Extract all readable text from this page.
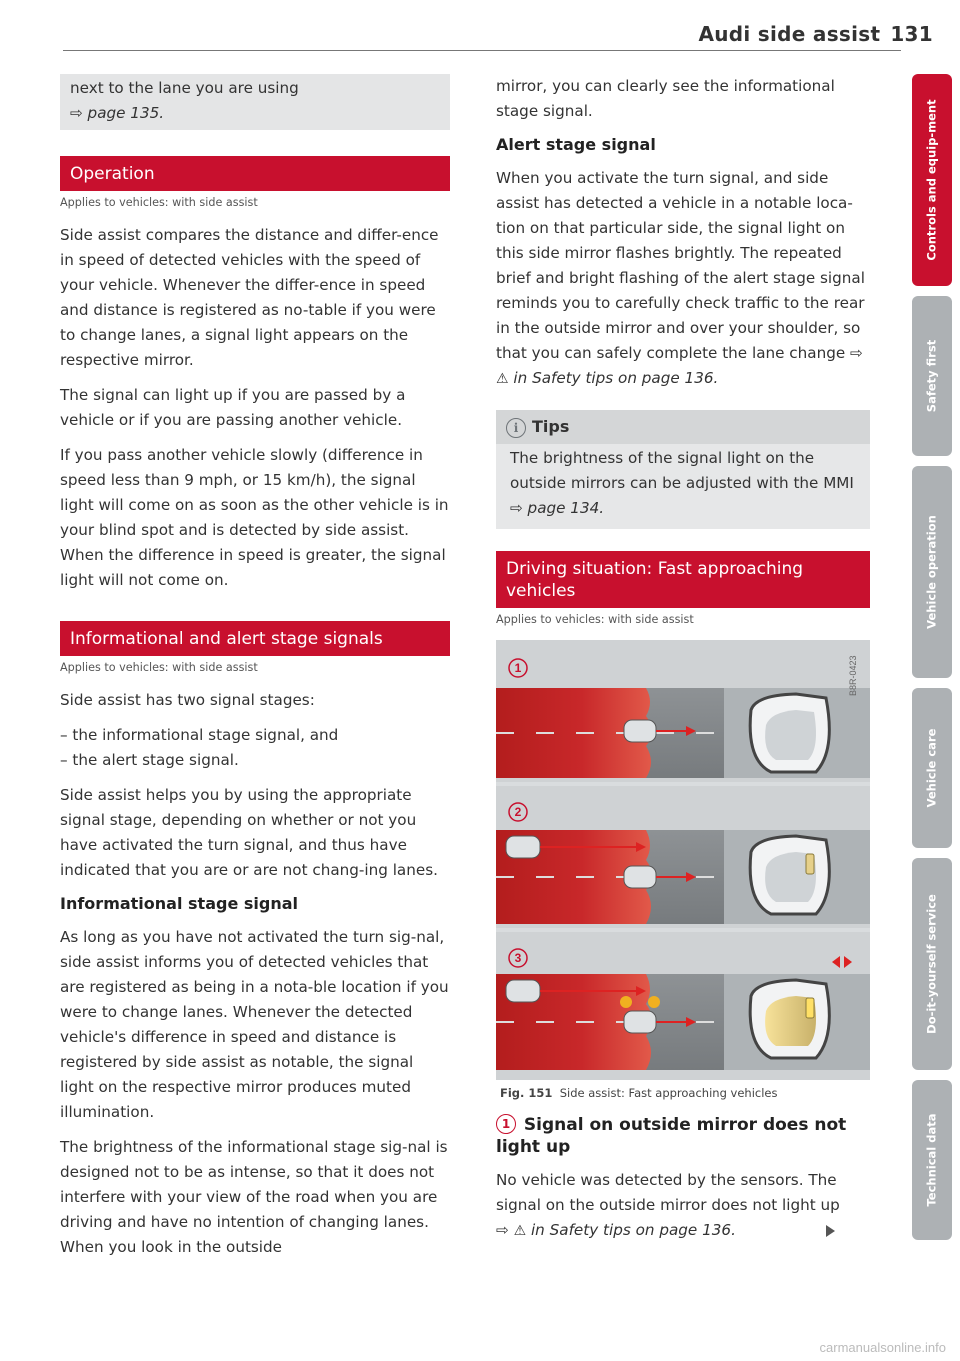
Audi side assist 131

next to the lane you are using
⇨ page 135.

Operation
Applies to vehicles: with side assist

Side assist compares the distance and differ-ence in speed of detected vehicles with the speed of your vehicle. Whenever the differ-ence in speed and distance is registered as no-table if you were to change lanes, a signal light appears on the respective mirror.

The signal can light up if you are passed by a vehicle or if you are passing another vehicle.

If you pass another vehicle slowly (difference in speed less than 9 mph, or 15 km/h), the signal light will come on as soon as the other vehicle is in your blind spot and is detected by side assist. When the difference in speed is greater, the signal light will not come on.

Informational and alert stage signals
Applies to vehicles: with side assist

Side assist has two signal stages:

– the informational stage signal, and

– the alert stage signal.

Side assist helps you by using the appropriate signal stage, depending on whether or not you have activated the turn signal, and thus have indicated that you are or are not chang-ing lanes.

Informational stage signal

As long as you have not activated the turn sig-nal, side assist informs you of detected vehicles that are registered as being in a nota-ble location if you were to change lanes. Whenever the detected vehicle's difference in speed and distance is registered by side assist as notable, the signal light on the respective mirror produces muted illumination.

The brightness of the informational stage sig-nal is designed not to be as intense, so that it does not interfere with your view of the road when you are driving and have no intention of changing lanes. When you look in the outside

mirror, you can clearly see the informational stage signal.

Alert stage signal

When you activate the turn signal, and side assist has detected a vehicle in a notable loca-tion on that particular side, the signal light on this side mirror flashes brightly. The repeated brief and bright flashing of the alert stage signal reminds you to carefully check traffic to the rear in the outside mirror and over your shoulder, so that you can safely complete the lane change ⇨ ⚠ in Safety tips on page 136.

i Tips

The brightness of the signal light on the outside mirrors can be adjusted with the MMI ⇨ page 134.

Driving situation: Fast approaching vehicles
Applies to vehicles: with side assist
1
2
3
B8R-0423
Fig. 151 Side assist: Fast approaching vehicles
1 Signal on outside mirror does not light up

No vehicle was detected by the sensors. The signal on the outside mirror does not light up
⇨ ⚠ in Safety tips on page 136.

Controls and equip-ment
Safety first
Vehicle operation
Vehicle care
Do-it-yourself service
Technical data
carmanualsonline.info
